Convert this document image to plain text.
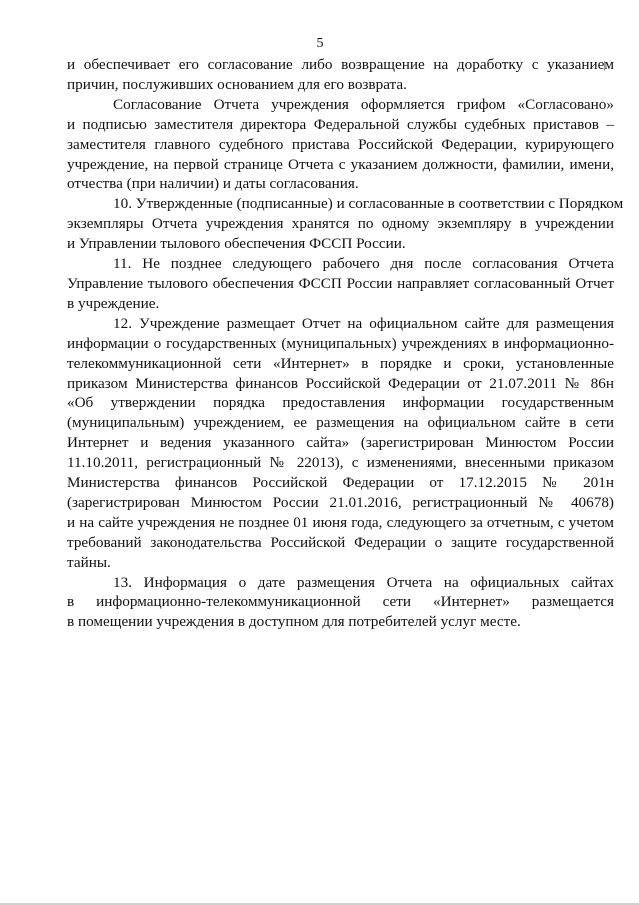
5
и обеспечивает его согласование либо возвращение на доработку с указанием
причин, послуживших основанием для его возврата.
Согласование Отчета учреждения оформляется грифом «Согласовано»
и подписью заместителя директора Федеральной службы судебных приставов –
заместителя главного судебного пристава Российской Федерации, курирующего
учреждение, на первой странице Отчета с указанием должности, фамилии, имени,
отчества (при наличии) и даты согласования.
10. Утвержденные (подписанные) и согласованные в соответствии с Порядком
экземпляры Отчета учреждения хранятся по одному экземпляру в учреждении
и Управлении тылового обеспечения ФССП России.
11. Не позднее следующего рабочего дня после согласования Отчета
Управление тылового обеспечения ФССП России направляет согласованный Отчет
в учреждение.
12. Учреждение размещает Отчет на официальном сайте для размещения
информации о государственных (муниципальных) учреждениях в информационно-
телекоммуникационной сети «Интернет» в порядке и сроки, установленные
приказом Министерства финансов Российской Федерации от 21.07.2011 № 86н
«Об утверждении порядка предоставления информации государственным
(муниципальным) учреждением, ее размещения на официальном сайте в сети
Интернет и ведения указанного сайта» (зарегистрирован Минюстом России
11.10.2011, регистрационный № 22013), с изменениями, внесенными приказом
Министерства финансов Российской Федерации от 17.12.2015 № 201н
(зарегистрирован Минюстом России 21.01.2016, регистрационный № 40678)
и на сайте учреждения не позднее 01 июня года, следующего за отчетным, с учетом
требований законодательства Российской Федерации о защите государственной
тайны.
13. Информация о дате размещения Отчета на официальных сайтах
в информационно-телекоммуникационной сети «Интернет» размещается
в помещении учреждения в доступном для потребителей услуг месте.
